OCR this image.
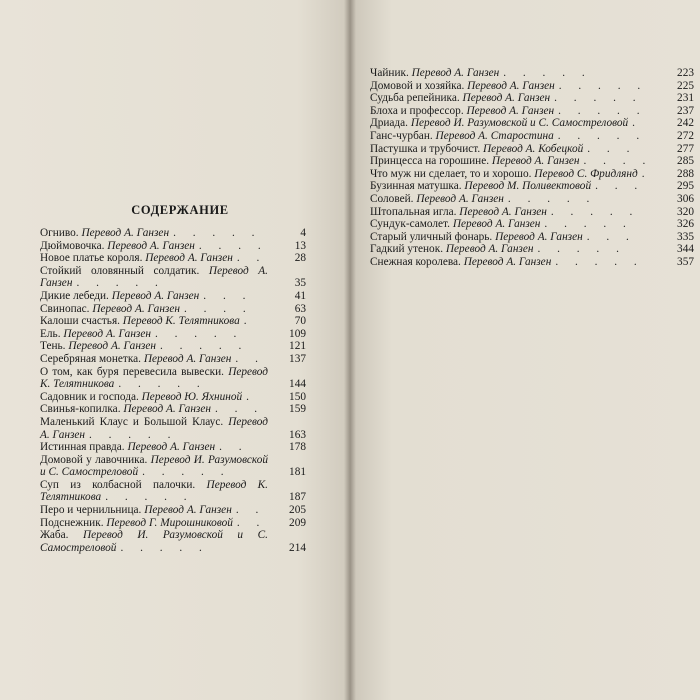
СОДЕРЖАНИЕ
Огниво. Перевод А. Ганзен . . . . .	4
Дюймовочка. Перевод А. Ганзен . . . .	13
Новое платье короля. Перевод А. Ганзен . .	28
Стойкий оловянный солдатик. Перевод А. Ганзен . . . . .	35
Дикие лебеди. Перевод А. Ганзен . . .	41
Свинопас. Перевод А. Ганзен . . . .	63
Калоши счастья. Перевод К. Телятникова .	70
Ель. Перевод А. Ганзен . . . . .	109
Тень. Перевод А. Ганзен . . . . .	121
Серебряная монетка. Перевод А. Ганзен . .	137
О том, как буря перевесила вывески. Перевод К. Телятникова . . . . .	144
Садовник и господа. Перевод Ю. Яхниной .	150
Свинья-копилка. Перевод А. Ганзен . . .	159
Маленький Клаус и Большой Клаус. Перевод А. Ганзен . . . . .	163
Истинная правда. Перевод А. Ганзен . .	178
Домовой у лавочника. Перевод И. Разумовской и С. Самостреловой . . . . .	181
Суп из колбасной палочки. Перевод К. Телятникова . . . . .	187
Перо и чернильница. Перевод А. Ганзен . .	205
Подснежник. Перевод Г. Мирошниковой . .	209
Жаба. Перевод И. Разумовской и С. Самостреловой . . . . .	214
Чайник. Перевод А. Ганзен . . . . .	223
Домовой и хозяйка. Перевод А. Ганзен . . . . .	225
Судьба репейника. Перевод А. Ганзен . . . . .	231
Блоха и профессор. Перевод А. Ганзен . . . . .	237
Дриада. Перевод И. Разумовской и С. Самостреловой .	242
Ганс-чурбан. Перевод А. Старостина . . . . .	272
Пастушка и трубочист. Перевод А. Кобецкой . . .	277
Принцесса на горошине. Перевод А. Ганзен . . . .	285
Что муж ни сделает, то и хорошо. Перевод С. Фридлянд .	288
Бузинная матушка. Перевод М. Поливектовой . . .	295
Соловей. Перевод А. Ганзен . . . . .	306
Штопальная игла. Перевод А. Ганзен . . . . .	320
Сундук-самолет. Перевод А. Ганзен . . . . .	326
Старый уличный фонарь. Перевод А. Ганзен . . .	335
Гадкий утенок. Перевод А. Ганзен . . . . .	344
Снежная королева. Перевод А. Ганзен . . . . .	357
